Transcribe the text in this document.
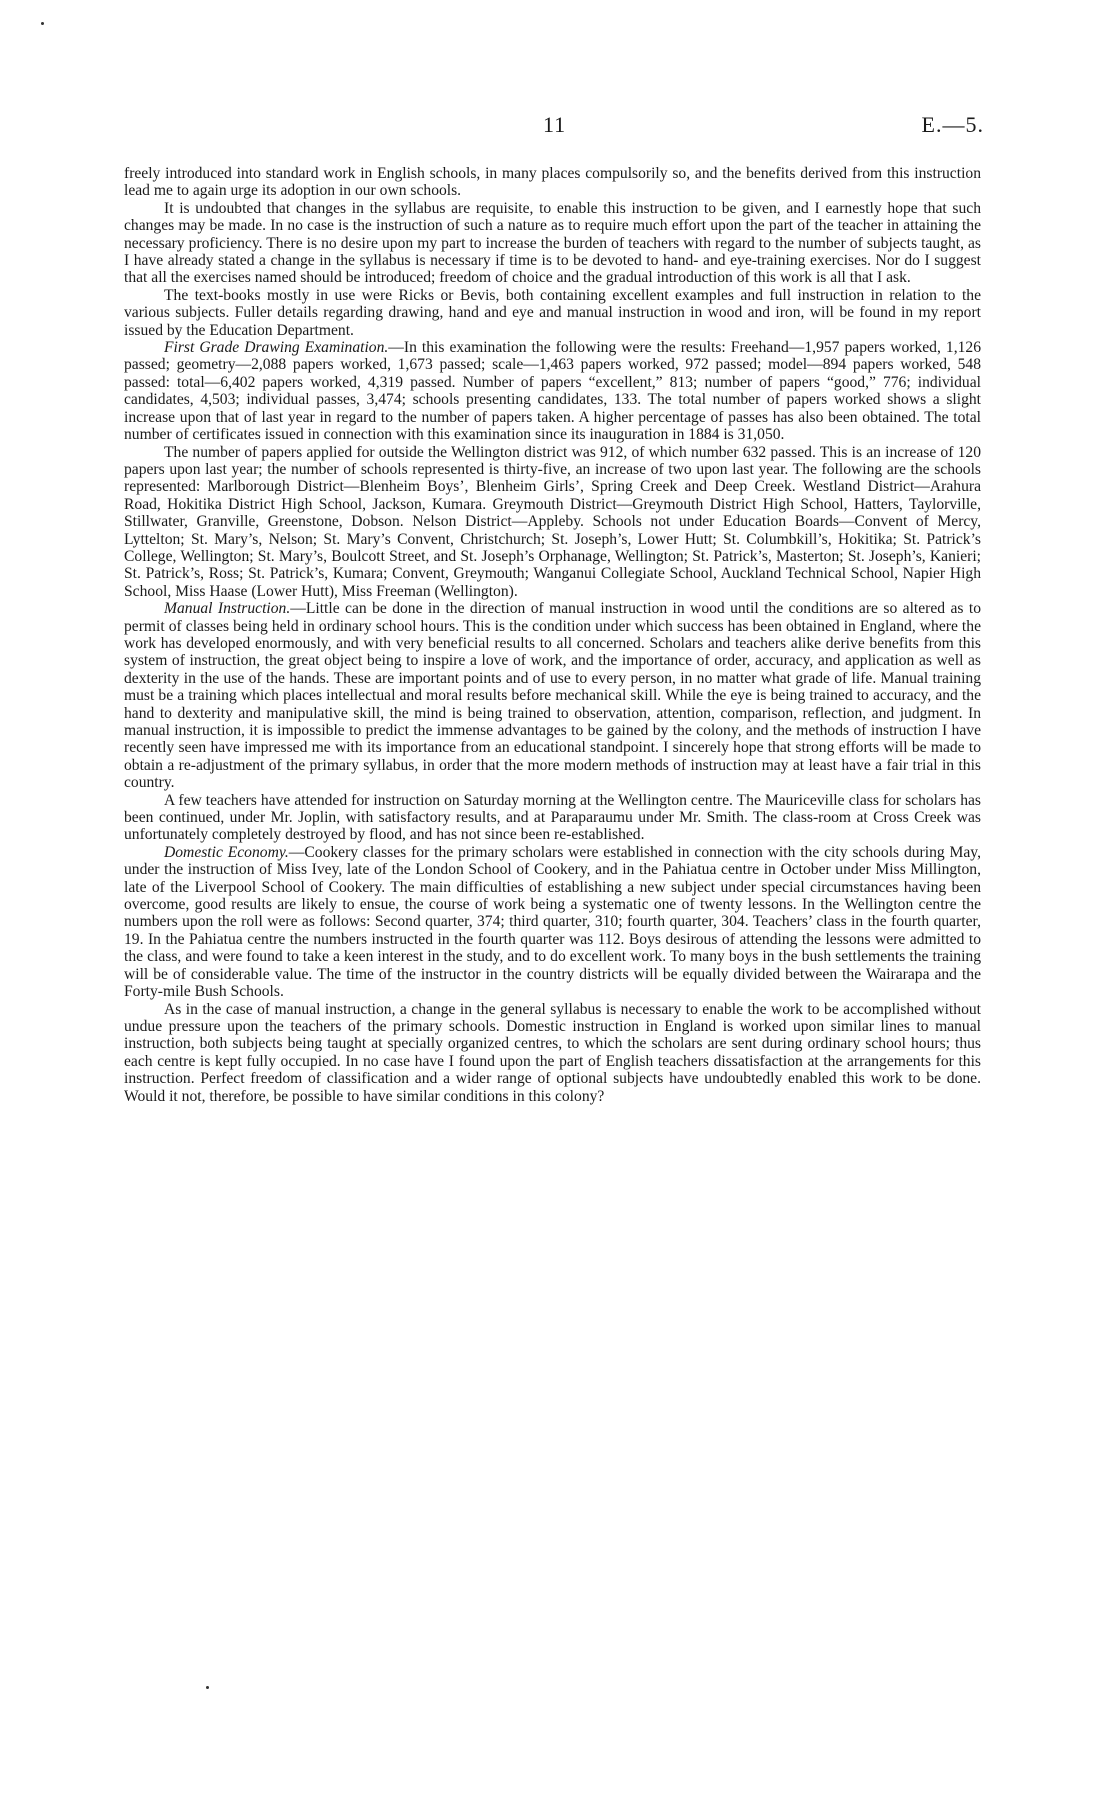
11	E.—5.

freely introduced into standard work in English schools, in many places compulsorily so, and the benefits derived from this instruction lead me to again urge its adoption in our own schools.

It is undoubted that changes in the syllabus are requisite, to enable this instruction to be given, and I earnestly hope that such changes may be made. In no case is the instruction of such a nature as to require much effort upon the part of the teacher in attaining the necessary proficiency. There is no desire upon my part to increase the burden of teachers with regard to the number of subjects taught, as I have already stated a change in the syllabus is necessary if time is to be devoted to hand- and eye-training exercises. Nor do I suggest that all the exercises named should be introduced; freedom of choice and the gradual introduction of this work is all that I ask.

The text-books mostly in use were Ricks or Bevis, both containing excellent examples and full instruction in relation to the various subjects. Fuller details regarding drawing, hand and eye and manual instruction in wood and iron, will be found in my report issued by the Education Department.

First Grade Drawing Examination.—In this examination the following were the results: Freehand—1,957 papers worked, 1,126 passed; geometry—2,088 papers worked, 1,673 passed; scale—1,463 papers worked, 972 passed; model—894 papers worked, 548 passed: total—6,402 papers worked, 4,319 passed. Number of papers “excellent,” 813; number of papers “good,” 776; individual candidates, 4,503; individual passes, 3,474; schools presenting candidates, 133. The total number of papers worked shows a slight increase upon that of last year in regard to the number of papers taken. A higher percentage of passes has also been obtained. The total number of certificates issued in connection with this examination since its inauguration in 1884 is 31,050.

The number of papers applied for outside the Wellington district was 912, of which number 632 passed. This is an increase of 120 papers upon last year; the number of schools represented is thirty-five, an increase of two upon last year. The following are the schools represented: Marlborough District—Blenheim Boys’, Blenheim Girls’, Spring Creek and Deep Creek. Westland District—Arahura Road, Hokitika District High School, Jackson, Kumara. Greymouth District—Greymouth District High School, Hatters, Taylorville, Stillwater, Granville, Greenstone, Dobson. Nelson District—Appleby. Schools not under Education Boards—Convent of Mercy, Lyttelton; St. Mary’s, Nelson; St. Mary’s Convent, Christchurch; St. Joseph’s, Lower Hutt; St. Columbkill’s, Hokitika; St. Patrick’s College, Wellington; St. Mary’s, Boulcott Street, and St. Joseph’s Orphanage, Wellington; St. Patrick’s, Masterton; St. Joseph’s, Kanieri; St. Patrick’s, Ross; St. Patrick’s, Kumara; Convent, Greymouth; Wanganui Collegiate School, Auckland Technical School, Napier High School, Miss Haase (Lower Hutt), Miss Freeman (Wellington).

Manual Instruction.—Little can be done in the direction of manual instruction in wood until the conditions are so altered as to permit of classes being held in ordinary school hours. This is the condition under which success has been obtained in England, where the work has developed enormously, and with very beneficial results to all concerned. Scholars and teachers alike derive benefits from this system of instruction, the great object being to inspire a love of work, and the importance of order, accuracy, and application as well as dexterity in the use of the hands. These are important points and of use to every person, in no matter what grade of life. Manual training must be a training which places intellectual and moral results before mechanical skill. While the eye is being trained to accuracy, and the hand to dexterity and manipulative skill, the mind is being trained to observation, attention, comparison, reflection, and judgment. In manual instruction, it is impossible to predict the immense advantages to be gained by the colony, and the methods of instruction I have recently seen have impressed me with its importance from an educational standpoint. I sincerely hope that strong efforts will be made to obtain a re-adjustment of the primary syllabus, in order that the more modern methods of instruction may at least have a fair trial in this country.

A few teachers have attended for instruction on Saturday morning at the Wellington centre. The Mauriceville class for scholars has been continued, under Mr. Joplin, with satisfactory results, and at Paraparaumu under Mr. Smith. The class-room at Cross Creek was unfortunately completely destroyed by flood, and has not since been re-established.

Domestic Economy.—Cookery classes for the primary scholars were established in connection with the city schools during May, under the instruction of Miss Ivey, late of the London School of Cookery, and in the Pahiatua centre in October under Miss Millington, late of the Liverpool School of Cookery. The main difficulties of establishing a new subject under special circumstances having been overcome, good results are likely to ensue, the course of work being a systematic one of twenty lessons. In the Wellington centre the numbers upon the roll were as follows: Second quarter, 374; third quarter, 310; fourth quarter, 304. Teachers’ class in the fourth quarter, 19. In the Pahiatua centre the numbers instructed in the fourth quarter was 112. Boys desirous of attending the lessons were admitted to the class, and were found to take a keen interest in the study, and to do excellent work. To many boys in the bush settlements the training will be of considerable value. The time of the instructor in the country districts will be equally divided between the Wairarapa and the Forty-mile Bush Schools.

As in the case of manual instruction, a change in the general syllabus is necessary to enable the work to be accomplished without undue pressure upon the teachers of the primary schools. Domestic instruction in England is worked upon similar lines to manual instruction, both subjects being taught at specially organized centres, to which the scholars are sent during ordinary school hours; thus each centre is kept fully occupied. In no case have I found upon the part of English teachers dissatisfaction at the arrangements for this instruction. Perfect freedom of classification and a wider range of optional subjects have undoubtedly enabled this work to be done. Would it not, therefore, be possible to have similar conditions in this colony?
